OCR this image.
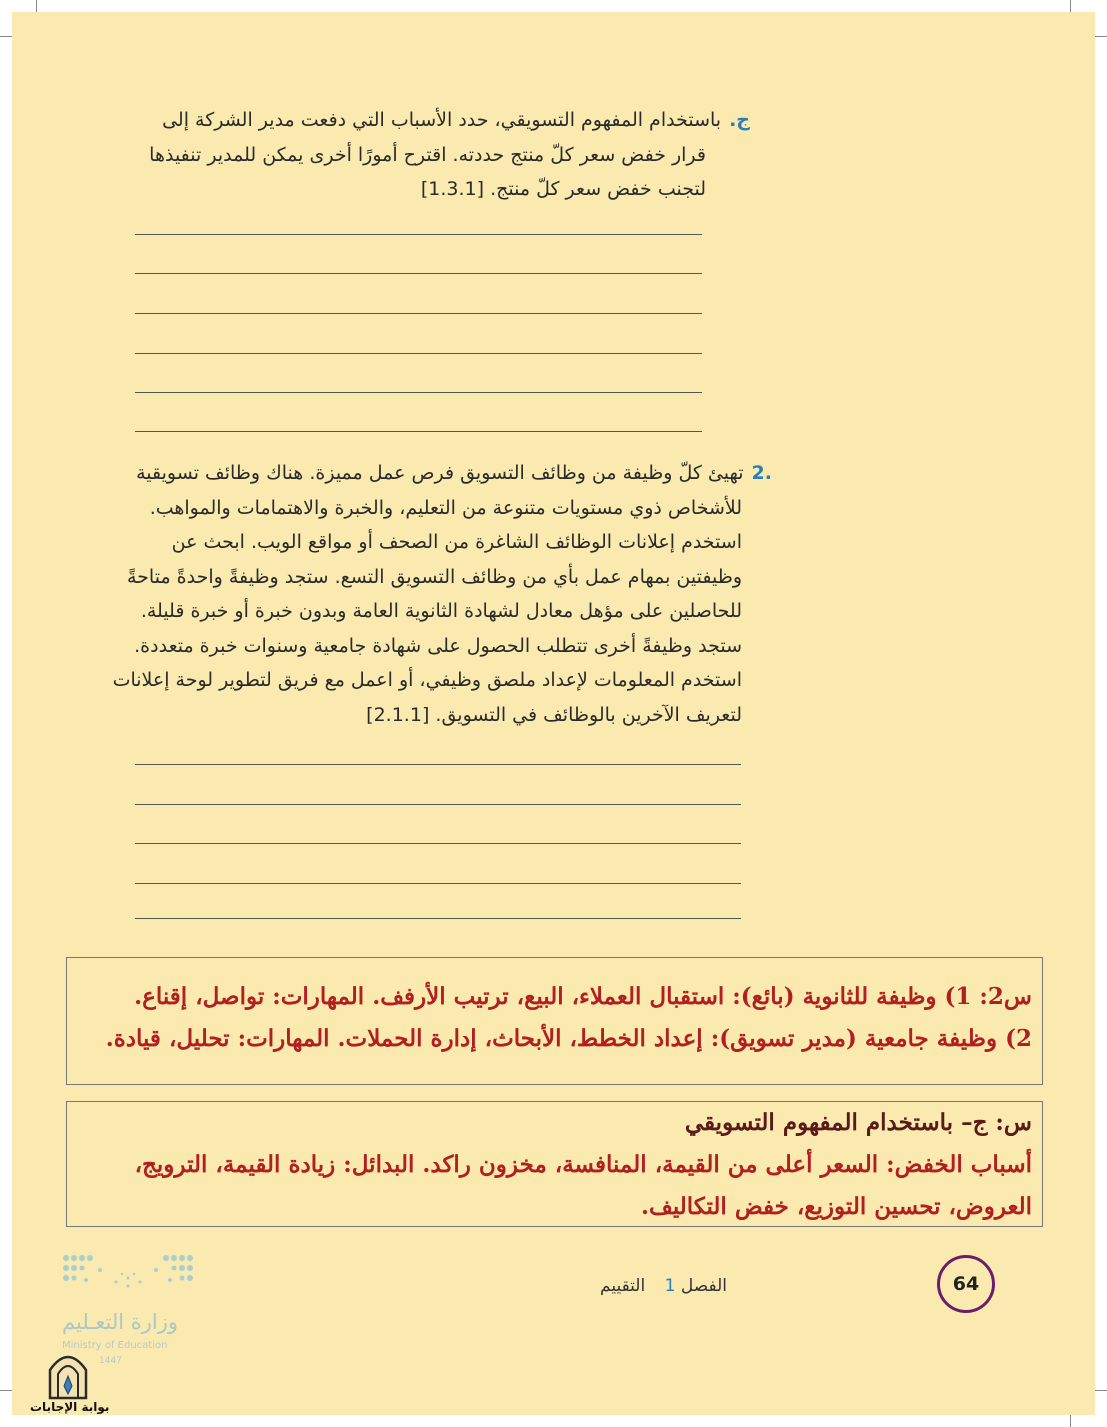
ج.باستخدام المفهوم التسويقي، حدد الأسباب التي دفعت مدير الشركة إلى
قرار خفض سعر كلّ منتج حددته. اقترح أمورًا أخرى يمكن للمدير تنفيذها
لتجنب خفض سعر كلّ منتج. [1.3.1]
.2تهيئ كلّ وظيفة من وظائف التسويق فرص عمل مميزة. هناك وظائف تسويقية
للأشخاص ذوي مستويات متنوعة من التعليم، والخبرة والاهتمامات والمواهب.
استخدم إعلانات الوظائف الشاغرة من الصحف أو مواقع الويب. ابحث عن
وظيفتين بمهام عمل بأي من وظائف التسويق التسع. ستجد وظيفةً واحدةً متاحةً
للحاصلين على مؤهل معادل لشهادة الثانوية العامة وبدون خبرة أو خبرة قليلة.
ستجد وظيفةً أخرى تتطلب الحصول على شهادة جامعية وسنوات خبرة متعددة.
استخدم المعلومات لإعداد ملصق وظيفي، أو اعمل مع فريق لتطوير لوحة إعلانات
لتعريف الآخرين بالوظائف في التسويق. [2.1.1]
س2: 1) وظيفة للثانوية (بائع): استقبال العملاء، البيع، ترتيب الأرفف. المهارات: تواصل، إقناع.
2) وظيفة جامعية (مدير تسويق): إعداد الخطط، الأبحاث، إدارة الحملات. المهارات: تحليل، قيادة.
س: ج– باستخدام المفهوم التسويقي
أسباب الخفض: السعر أعلى من القيمة، المنافسة، مخزون راكد. البدائل: زيادة القيمة، الترويج،
العروض، تحسين التوزيع، خفض التكاليف.
الفصل 1 التقييم	64
وزارة التعـليم
Ministry of Education
1447
بوابة الإجابات
